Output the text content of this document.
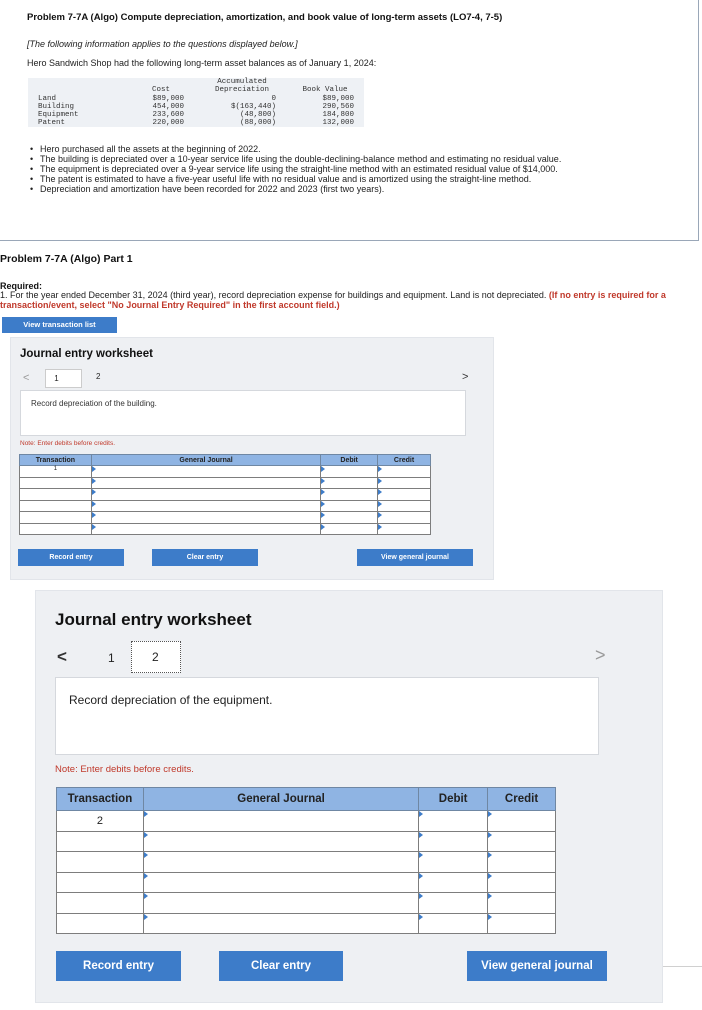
Problem 7-7A (Algo) Compute depreciation, amortization, and book value of long-term assets (LO7-4, 7-5)
[The following information applies to the questions displayed below.]
Hero Sandwich Shop had the following long-term asset balances as of January 1, 2024:
Cost
Accumulated
Depreciation	Book Value
Land	$89,000	0	$89,000
Building	454,000	$(163,440)	290,560
Equipment	233,600	(48,800)	184,800
Patent	220,000	(88,000)	132,000
• Hero purchased all the assets at the beginning of 2022.
• The building is depreciated over a 10-year service life using the double-declining-balance method and estimating no residual value.
• The equipment is depreciated over a 9-year service life using the straight-line method with an estimated residual value of $14,000.
• The patent is estimated to have a five-year useful life with no residual value and is amortized using the straight-line method.
• Depreciation and amortization have been recorded for 2022 and 2023 (first two years).
Problem 7-7A (Algo) Part 1
Required:
1. For the year ended December 31, 2024 (third year), record depreciation expense for buildings and equipment. Land is not depreciated. (If no entry is required for a transaction/event, select "No Journal Entry Required" in the first account field.)
View transaction list
Journal entry worksheet
<	1	2	>
Record depreciation of the building.
Note: Enter debits before credits.
Transaction	General Journal	Debit	Credit
1			

Record entry	Clear entry	View general journal
Journal entry worksheet
<	1	2	>
Record depreciation of the equipment.
Note: Enter debits before credits.
Transaction	General Journal	Debit	Credit
2			

Record entry	Clear entry	View general journal
